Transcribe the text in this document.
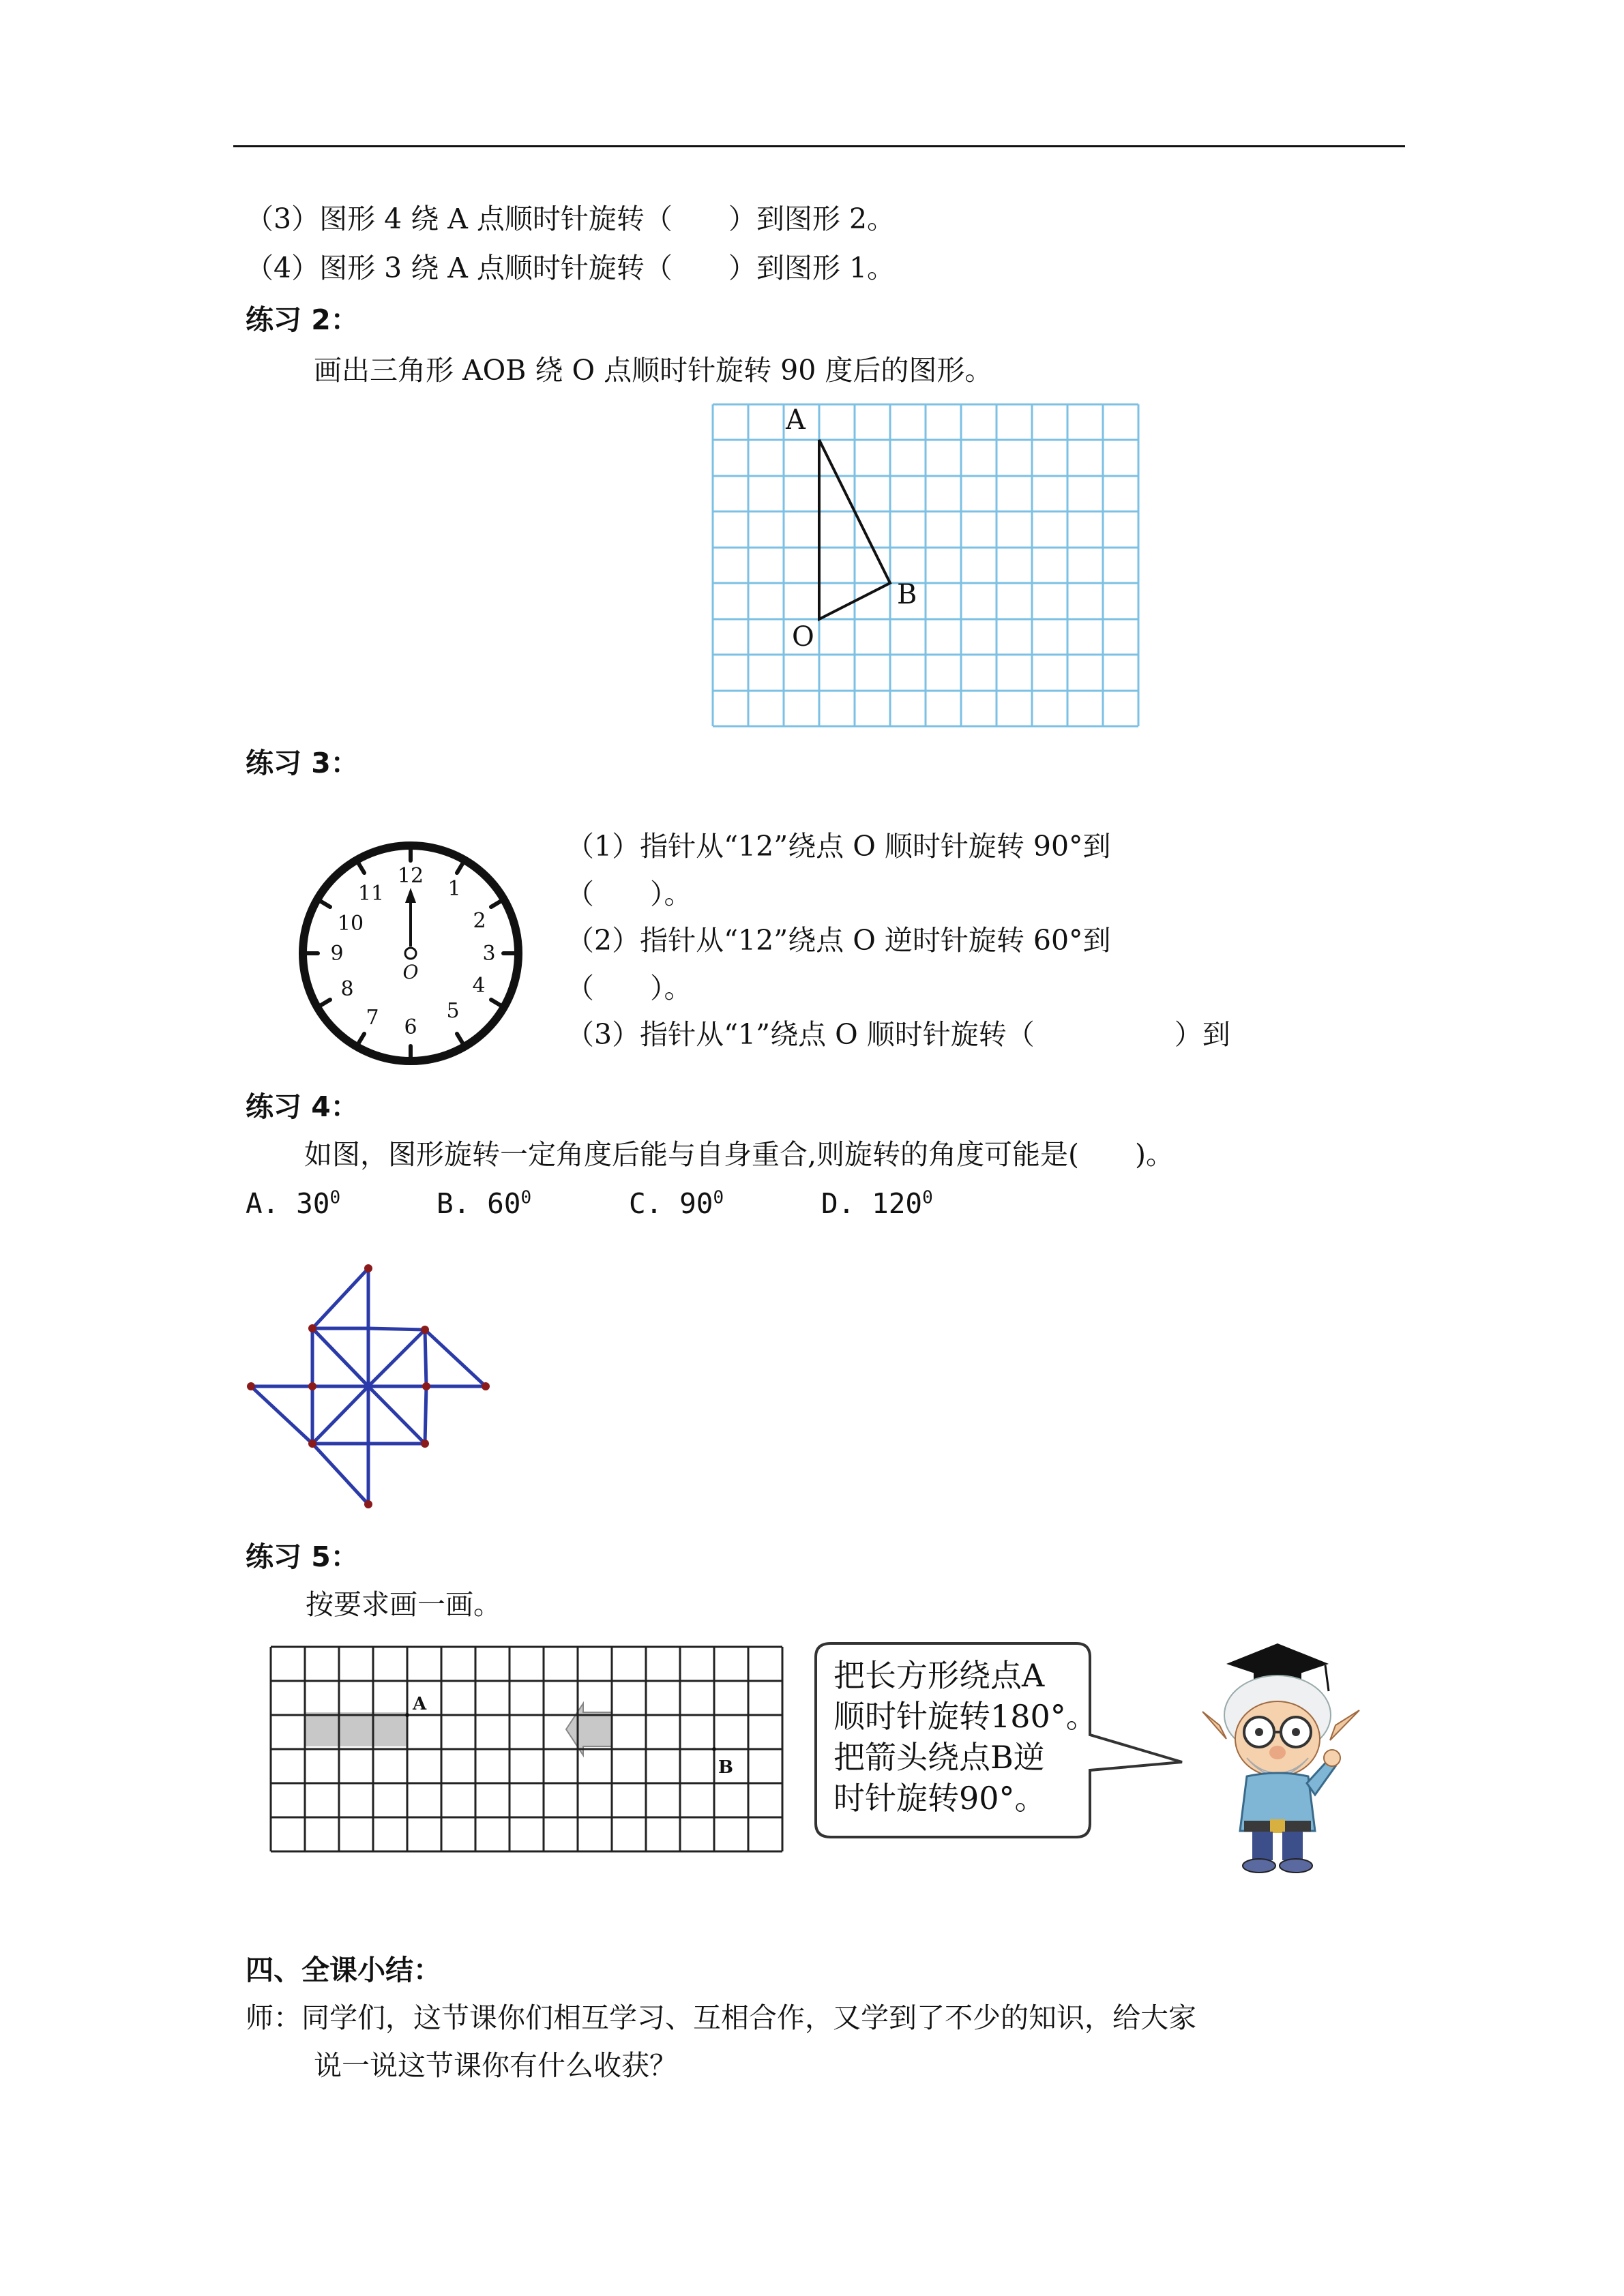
（3）图形 4 绕 A 点顺时针旋转（　　）到图形 2。
（4）图形 3 绕 A 点顺时针旋转（　　）到图形 1。
练习 2：
画出三角形 AOB 绕 O 点顺时针旋转 90 度后的图形。
A
B
O
练习 3：
12
1
2
3
4
5
6
7
8
9
10
11
O
（1）指针从“12”绕点 O 顺时针旋转 90°到
（　　）。
（2）指针从“12”绕点 O 逆时针旋转 60°到
（　　）。
（3）指针从“1”绕点 O 顺时针旋转（　　　　　）到
练习 4：
如图，图形旋转一定角度后能与自身重合,则旋转的角度可能是(　　)。
A. $30^0$	B. $60^0$	C. $90^0$	D. $120^0$
练习 5：
按要求画一画。
A
B
把长方形绕点A
顺时针旋转180°。
把箭头绕点B逆
时针旋转90°。
四、全课小结：
师：同学们，这节课你们相互学习、互相合作，又学到了不少的知识，给大家
说一说这节课你有什么收获？
